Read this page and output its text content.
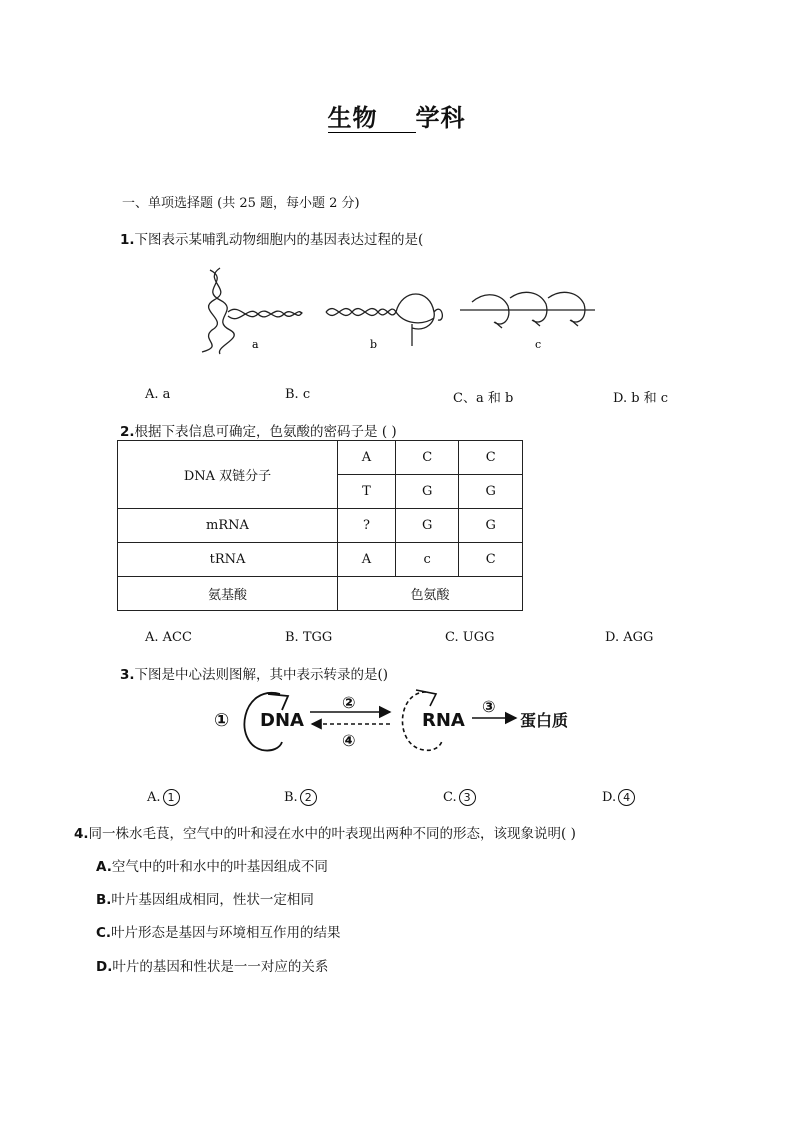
生物 学科
一、单项选择题 (共 25 题，每小题 2 分)
1.下图表示某哺乳动物细胞内的基因表达过程的是(
a	b	c
A. a	B. c	C、a 和 b	D. b 和 c
2.根据下表信息可确定，色氨酸的密码子是 ( )
DNA 双链分子	A	C	C
	T	G	G
mRNA	?	G	G
tRNA	A	c	C
氨基酸	色氨酸		
A. ACC	B. TGG	C. UGG	D. AGG
3.下图是中心法则图解，其中表示转录的是()
① DNA
②
④
RNA
③
蛋白质
A. 1	B. 2	C. 3	D. 4
4.同一株水毛茛，空气中的叶和浸在水中的叶表现出两种不同的形态，该现象说明( )
A.空气中的叶和水中的叶基因组成不同
B.叶片基因组成相同，性状一定相同
C.叶片形态是基因与环境相互作用的结果
D.叶片的基因和性状是一一对应的关系
